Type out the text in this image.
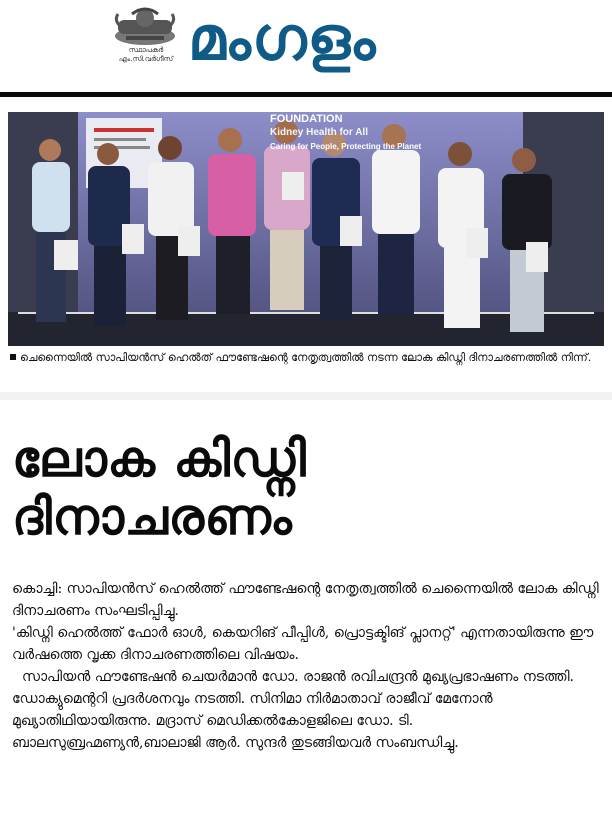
സ്ഥാപകർ
എം.സി.വർഗീസ് മംഗളം
FOUNDATION
Kidney Health for All
Caring for People, Protecting the Planet
ചെന്നൈയിൽ സാപിയൻസ് ഹെൽത് ഫൗണ്ടേഷന്റെ നേതൃത്വത്തിൽ നടന്ന ലോക കിഡ്നി ദിനാചരണത്തിൽ നിന്ന്.
ലോക കിഡ്നി
ദിനാചരണം

കൊച്ചി: സാപിയൻസ് ഹെൽത്ത് ഫൗണ്ടേഷന്റെ നേതൃത്വത്തിൽ ചെന്നൈയിൽ ലോക കിഡ്നി ദിനാചരണം സംഘടിപ്പിച്ചു.

'കിഡ്നി ഹെൽത്ത് ഫോർ ഓൾ, കെയറിങ് പീപ്പിൾ, പ്രൊട്ടക്ടിങ് പ്ലാനറ്റ്' എന്നതായിരുന്നു ഈ വർഷത്തെ വൃക്ക ദിനാചരണത്തിലെ വിഷയം.

സാപിയൻ ഫൗണ്ടേഷൻ ചെയർമാൻ ഡോ. രാജൻ രവിചന്ദ്രൻ മുഖ്യപ്രഭാഷണം നടത്തി. ഡോക്യുമെന്ററി പ്രദർശനവും നടത്തി. സിനിമാ നിർമാതാവ് രാജീവ് മേനോൻ മുഖ്യാതിഥിയായിരുന്നു. മദ്രാസ് മെഡിക്കൽകോളജിലെ ഡോ. ടി. ബാലസുബ്രഹ്മണ്യൻ,ബാലാജി ആർ. സുന്ദർ തുടങ്ങിയവർ സംബന്ധിച്ചു.
